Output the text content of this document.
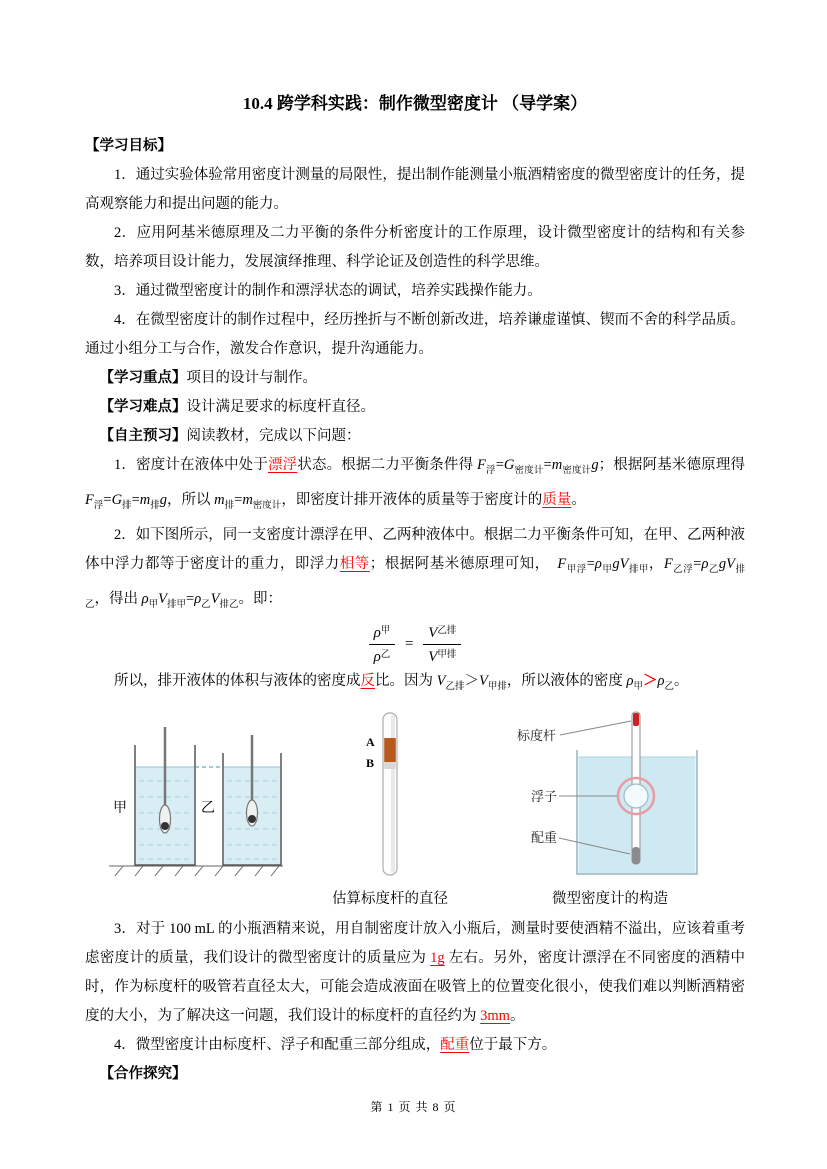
10.4 跨学科实践：制作微型密度计 （导学案）

【学习目标】

1．通过实验体验常用密度计测量的局限性，提出制作能测量小瓶酒精密度的微型密度计的任务，提高观察能力和提出问题的能力。

2．应用阿基米德原理及二力平衡的条件分析密度计的工作原理，设计微型密度计的结构和有关参数，培养项目设计能力，发展演绎推理、科学论证及创造性的科学思维。

3．通过微型密度计的制作和漂浮状态的调试，培养实践操作能力。

4．在微型密度计的制作过程中，经历挫折与不断创新改进，培养谦虚谨慎、锲而不舍的科学品质。通过小组分工与合作，激发合作意识，提升沟通能力。

【学习重点】项目的设计与制作。

【学习难点】设计满足要求的标度杆直径。

【自主预习】阅读教材，完成以下问题：

1．密度计在液体中处于漂浮状态。根据二力平衡条件得 $F_浮=G_{密度计}=m_{密度计}g$；根据阿基米德原理得 $F_浮=G_排=m_排g$，所以 $m_排=m_{密度计}$，即密度计排开液体的质量等于密度计的质量。

2．如下图所示，同一支密度计漂浮在甲、乙两种液体中。根据二力平衡条件可知，在甲、乙两种液体中浮力都等于密度计的重力，即浮力相等；根据阿基米德原理可知，　$F_{甲浮}=\rho_甲gV_{排甲}$，$F_{乙浮}=\rho_乙gV_{排乙}$，得出 $\rho_甲V_{排甲}=\rho_乙V_{排乙}$。即：

$\frac{\rho^甲}{\rho^乙} = \frac{V^{乙排}}{V^{甲排}}$

所以，排开液体的体积与液体的密度成反比。因为 $V_{乙排}>V_{甲排}$，所以液体的密度 $\rho_甲>\rho_乙$。

甲	乙
A
B
估算标度杆的直径
标度杆
浮子
配重
微型密度计的构造

3．对于 100 mL 的小瓶酒精来说，用自制密度计放入小瓶后，测量时要使酒精不溢出，应该着重考虑密度计的质量，我们设计的微型密度计的质量应为 1g 左右。另外，密度计漂浮在不同密度的酒精中时，作为标度杆的吸管若直径太大，可能会造成液面在吸管上的位置变化很小，使我们难以判断酒精密度的大小，为了解决这一问题，我们设计的标度杆的直径约为 3mm。

4．微型密度计由标度杆、浮子和配重三部分组成，配重位于最下方。

【合作探究】

第 1 页 共 8 页
